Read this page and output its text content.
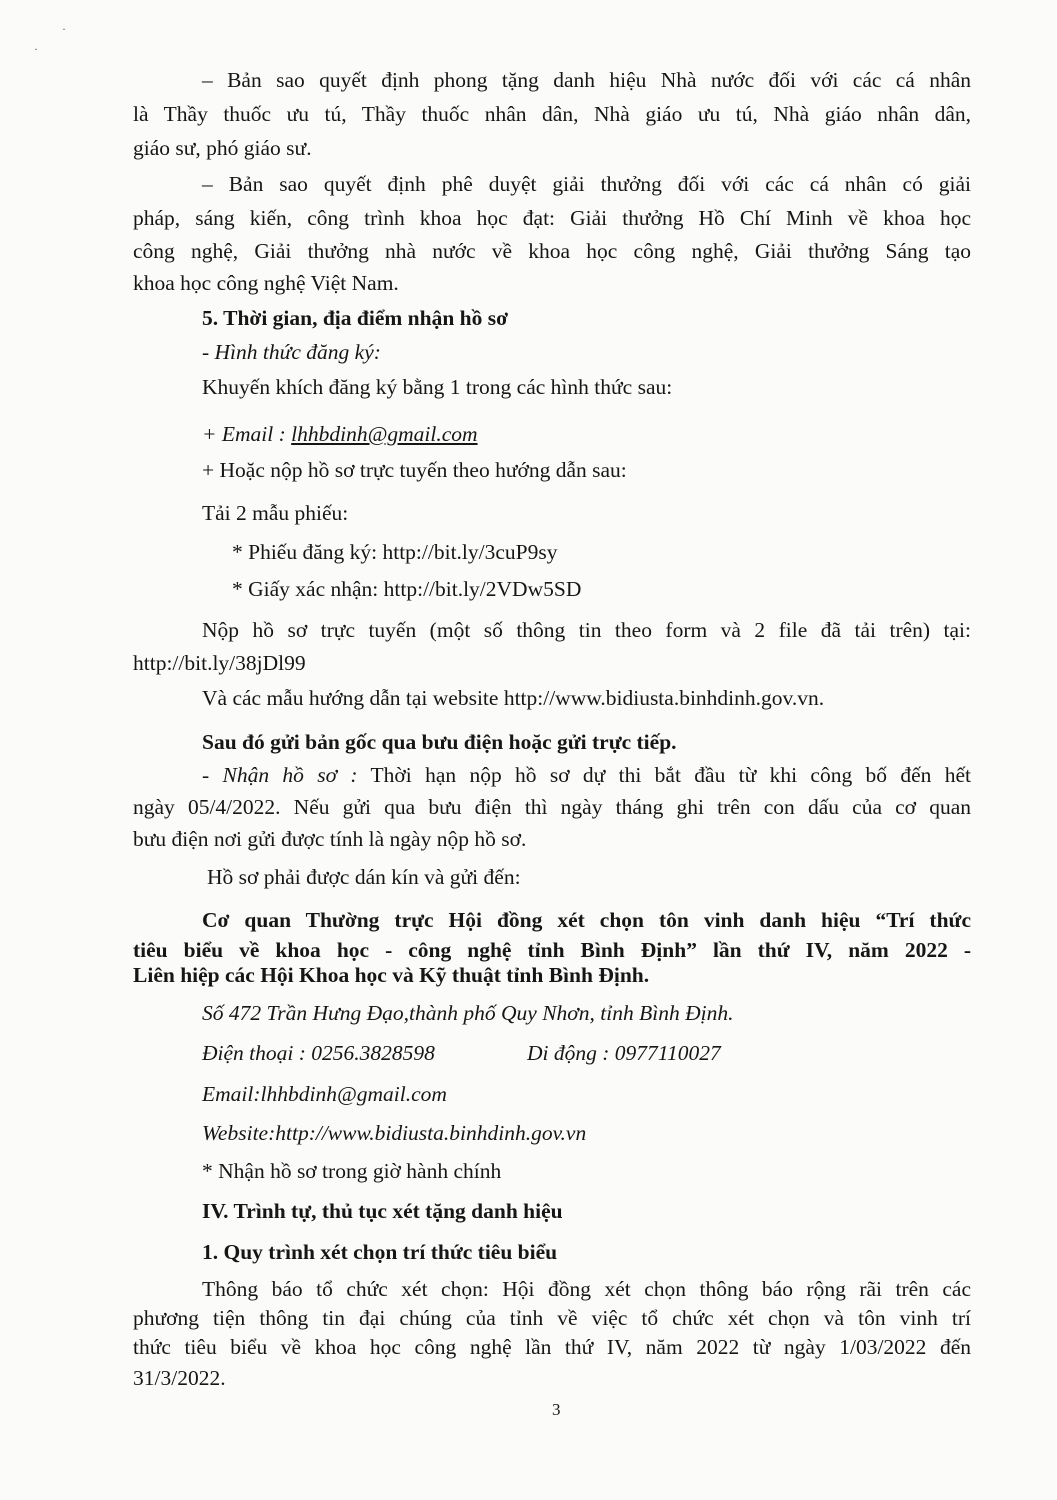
·
·
– Bản sao quyết định phong tặng danh hiệu Nhà nước đối với các cá nhân
là Thầy thuốc ưu tú, Thầy thuốc nhân dân, Nhà giáo ưu tú, Nhà giáo nhân dân,
giáo sư, phó giáo sư.
– Bản sao quyết định phê duyệt giải thưởng đối với các cá nhân có giải
pháp, sáng kiến, công trình khoa học đạt: Giải thưởng Hồ Chí Minh về khoa học
công nghệ, Giải thưởng nhà nước về khoa học công nghệ, Giải thưởng Sáng tạo
khoa học công nghệ Việt Nam.
5. Thời gian, địa điểm nhận hồ sơ
- Hình thức đăng ký:
Khuyến khích đăng ký bằng 1 trong các hình thức sau:
+ Email : lhhbdinh@gmail.com
+ Hoặc nộp hồ sơ trực tuyến theo hướng dẫn sau:
Tải 2 mẫu phiếu:
* Phiếu đăng ký: http://bit.ly/3cuP9sy
* Giấy xác nhận: http://bit.ly/2VDw5SD
Nộp hồ sơ trực tuyến (một số thông tin theo form và 2 file đã tải trên) tại:
http://bit.ly/38jDl99
Và các mẫu hướng dẫn tại website http://www.bidiusta.binhdinh.gov.vn.
Sau đó gửi bản gốc qua bưu điện hoặc gửi trực tiếp.
- Nhận hồ sơ : Thời hạn nộp hồ sơ dự thi bắt đầu từ khi công bố đến hết
ngày 05/4/2022. Nếu gửi qua bưu điện thì ngày tháng ghi trên con dấu của cơ quan
bưu điện nơi gửi được tính là ngày nộp hồ sơ.
Hồ sơ phải được dán kín và gửi đến:
Cơ quan Thường trực Hội đồng xét chọn tôn vinh danh hiệu “Trí thức
tiêu biểu về khoa học - công nghệ tỉnh Bình Định” lần thứ IV, năm 2022 -
Liên hiệp các Hội Khoa học và Kỹ thuật tỉnh Bình Định.
Số 472 Trần Hưng Đạo,thành phố Quy Nhơn, tỉnh Bình Định.
Điện thoại : 0256.3828598	Di động : 0977110027
Email:lhhbdinh@gmail.com
Website:http://www.bidiusta.binhdinh.gov.vn
* Nhận hồ sơ trong giờ hành chính
IV. Trình tự, thủ tục xét tặng danh hiệu
1. Quy trình xét chọn trí thức tiêu biểu
Thông báo tổ chức xét chọn: Hội đồng xét chọn thông báo rộng rãi trên các
phương tiện thông tin đại chúng của tỉnh về việc tổ chức xét chọn và tôn vinh trí
thức tiêu biểu về khoa học công nghệ lần thứ IV, năm 2022 từ ngày 1/03/2022 đến
31/3/2022.
3
